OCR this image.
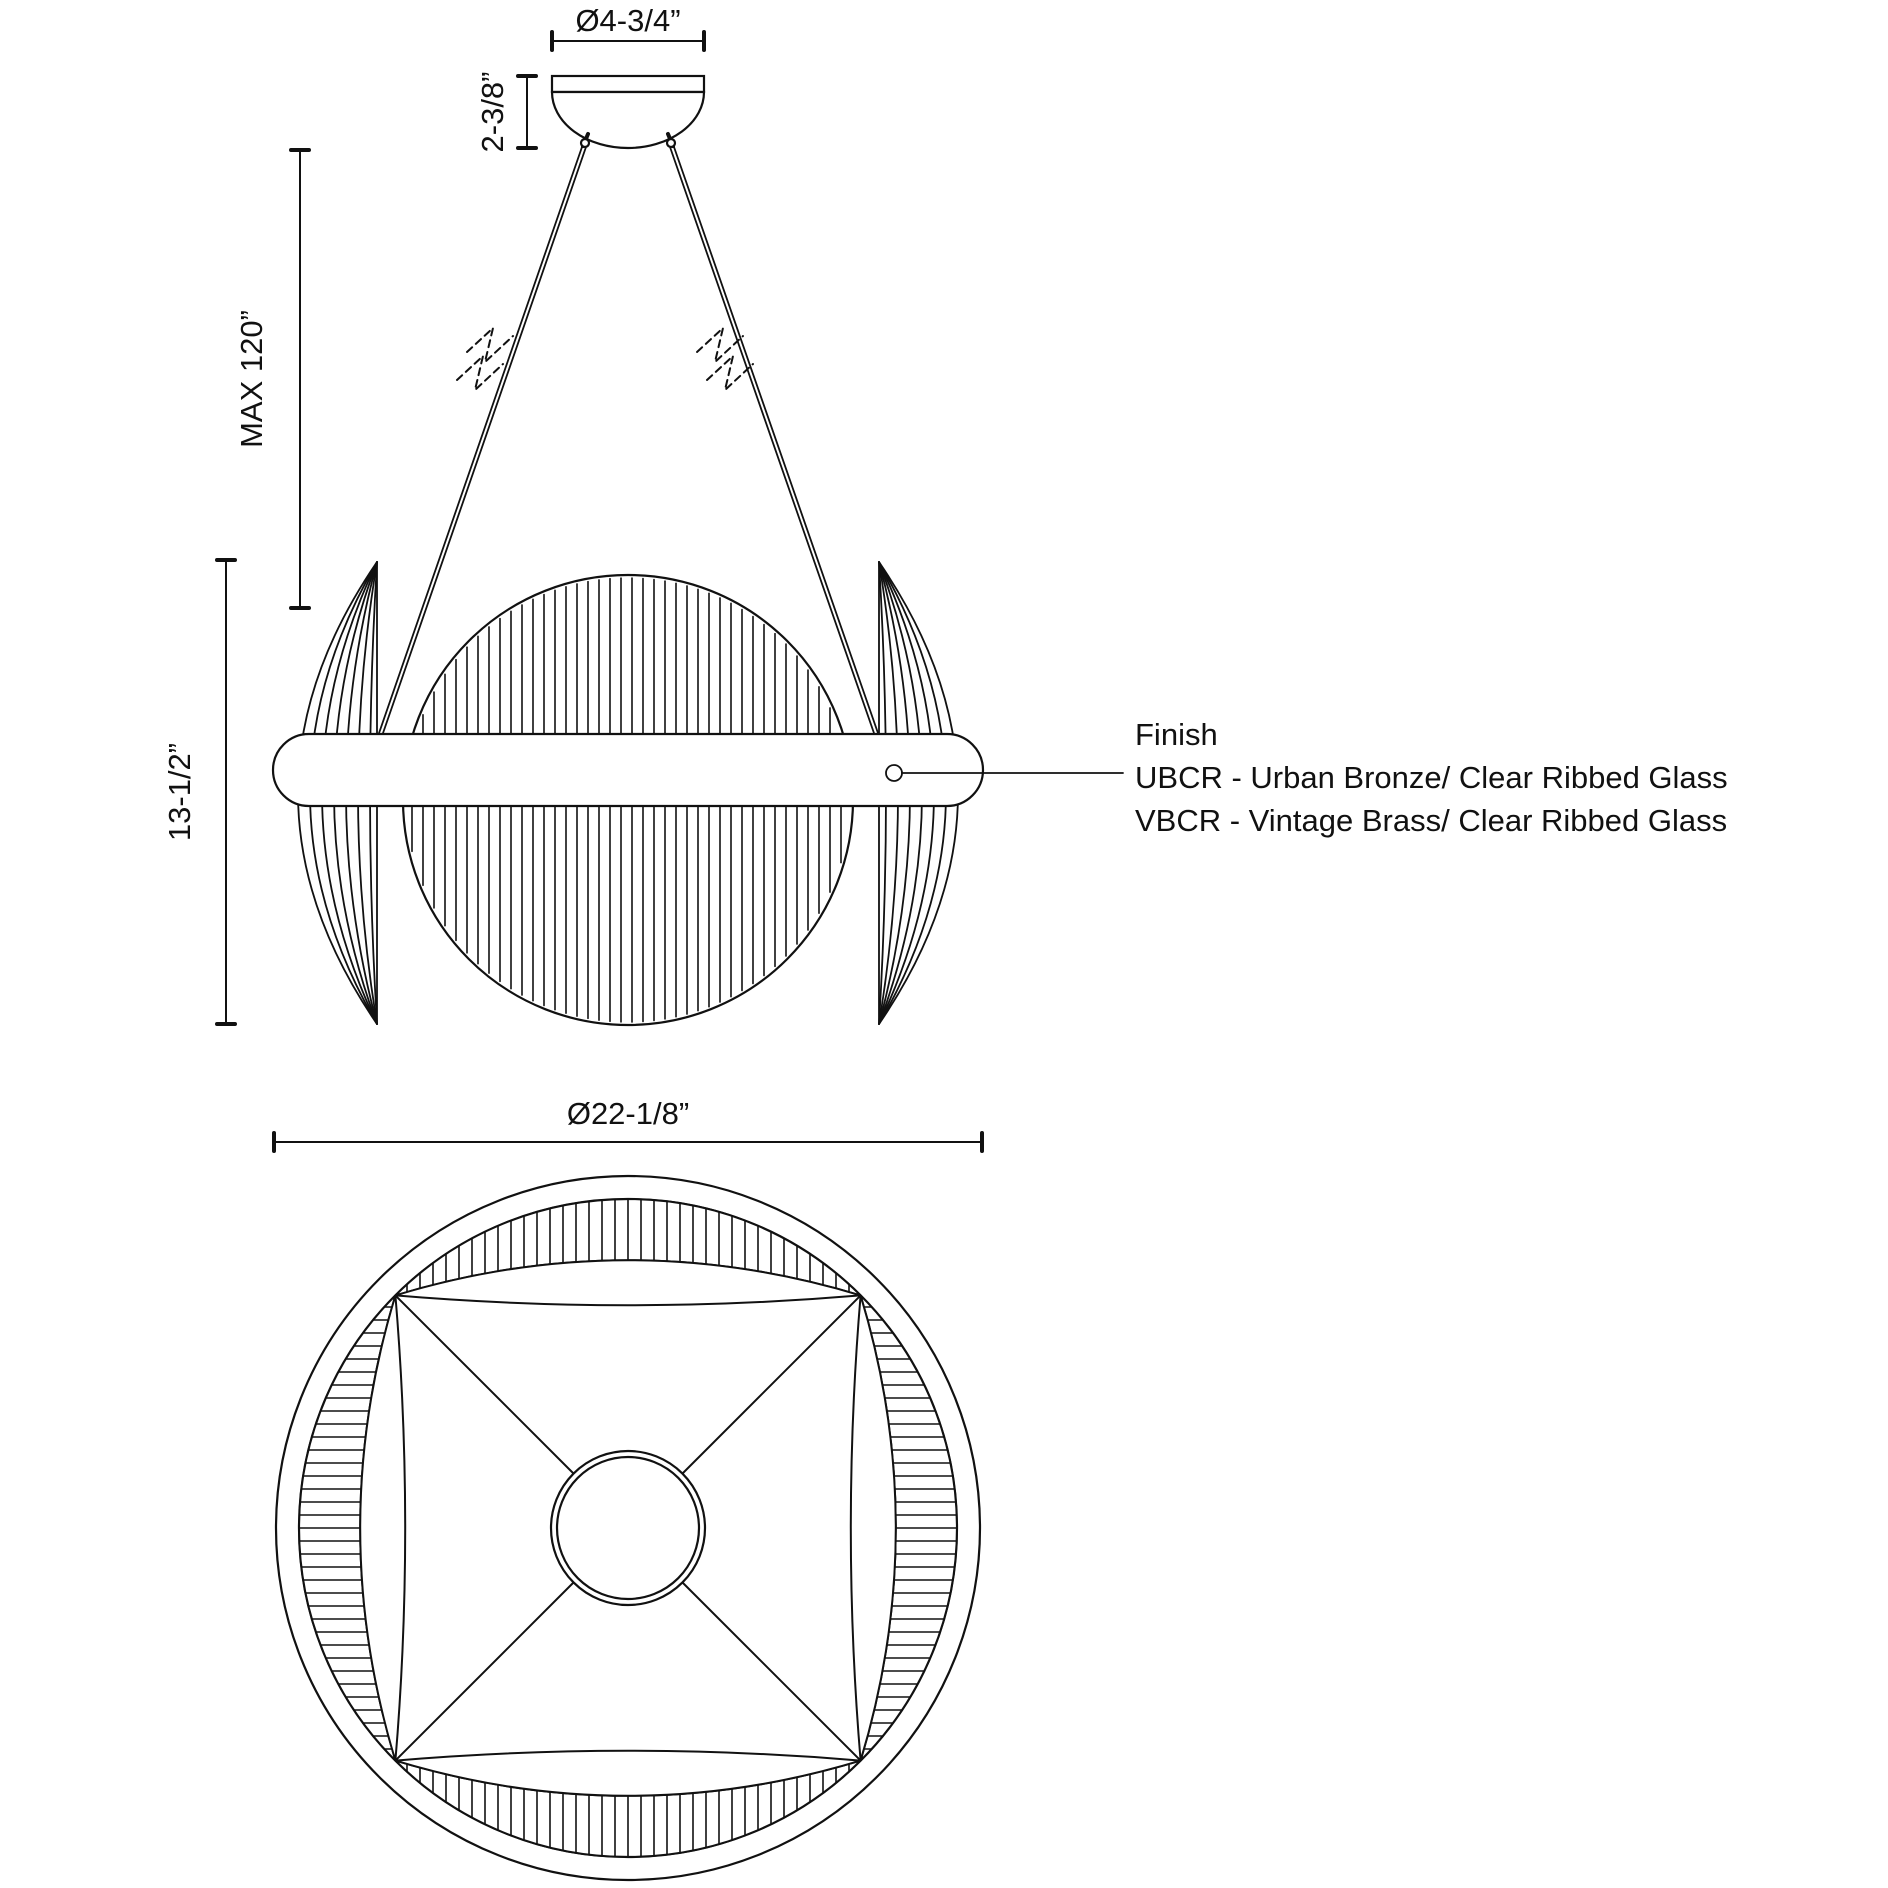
Ø4-3/4”
2-3/8”
MAX 120”
13-1/2”
Finish
UBCR - Urban Bronze/ Clear Ribbed Glass
VBCR - Vintage Brass/ Clear Ribbed Glass
Ø22-1/8”
